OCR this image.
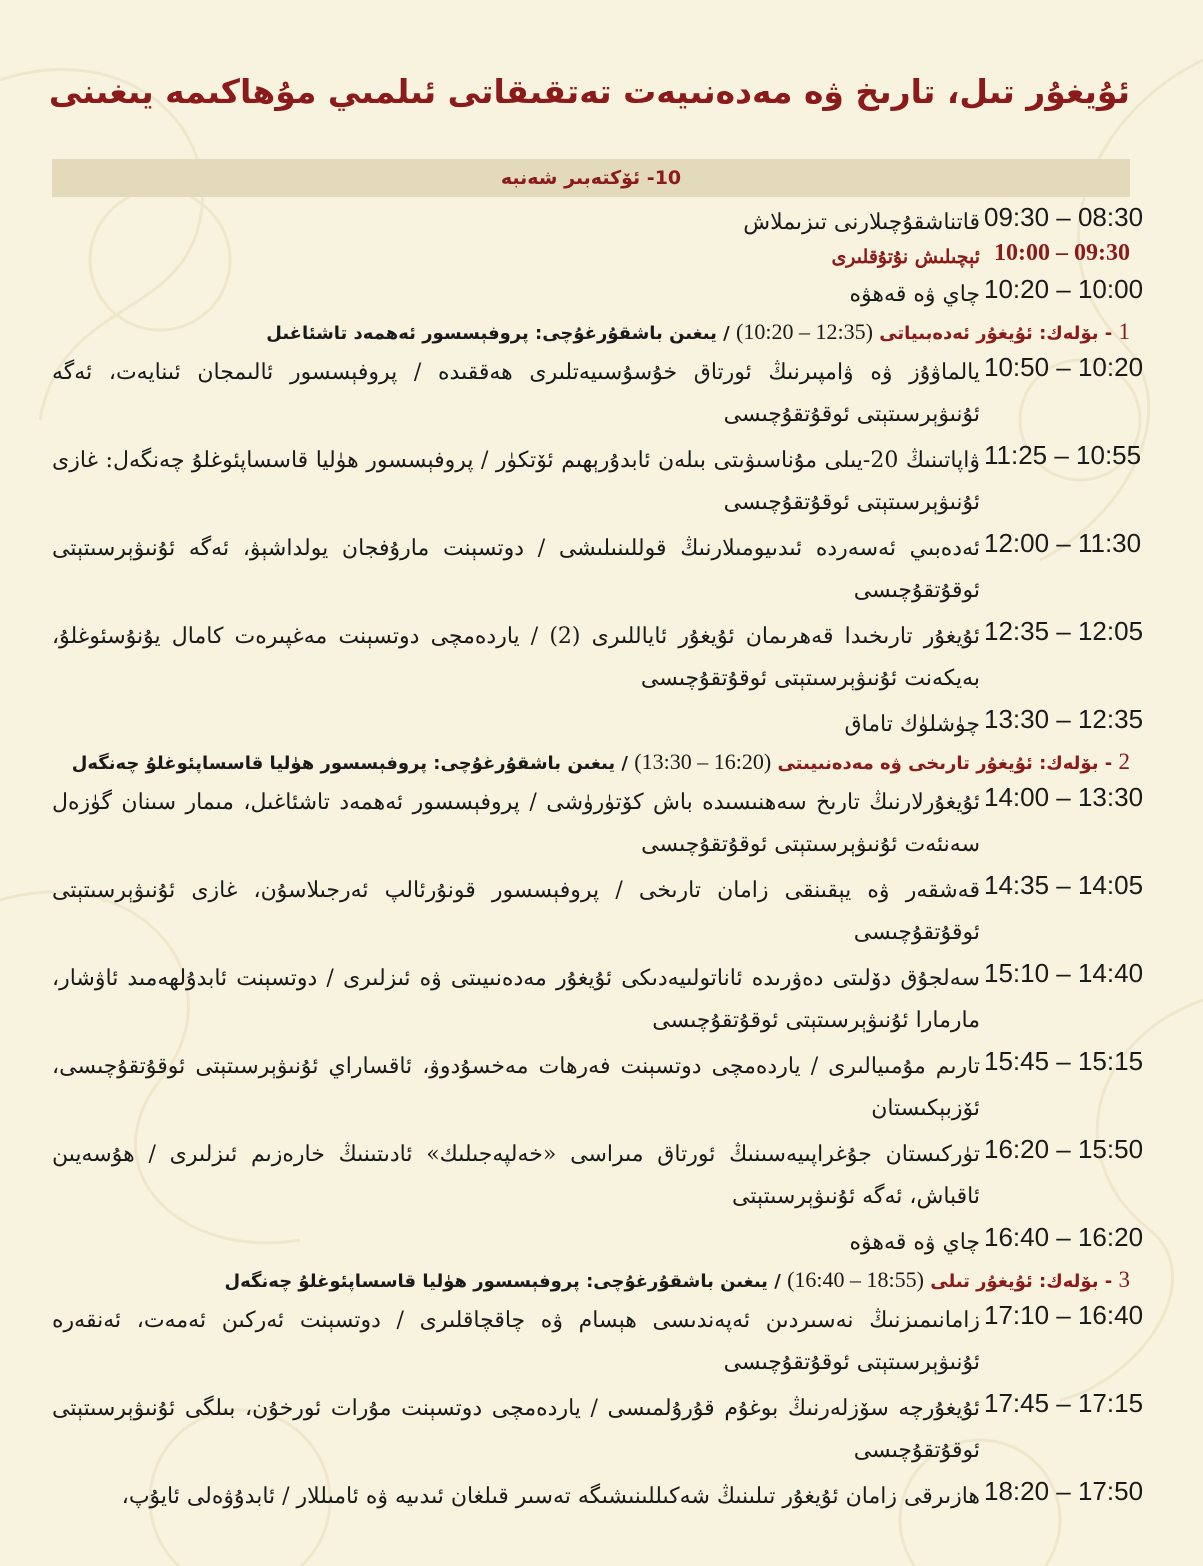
ئۇيغۇر تىل، تارىخ ۋە مەدەنىيەت تەتقىقاتى ئىلمىي مۇھاكىمە يىغىنى
10- ئۆكتەبىر شەنبە
09:30 – 08:30
قاتناشقۇچىلارنى تىزىملاش
10:00 – 09:30
ئېچىلىش نۇتۇقلىرى
10:20 – 10:00
چاي ۋە قەھۋە
1 - بۆلەك: ئۇيغۇر ئەدەبىياتى (12:35 – 10:20) / يىغىن باشقۇرغۇچى: پروفېسسور ئەھمەد تاشئاغىل
10:50 – 10:20
يالماۋۇز ۋە ۋامپىرنىڭ ئورتاق خۇسۇسىيەتلىرى ھەققىدە / پروفېسسور ئالىمجان ئىنايەت، ئەگە ئۇنىۋېرسىتېتى ئوقۇتقۇچىسى
11:25 – 10:55
ۋاپاتىنىڭ 20-يىلى مۇناسىۋىتى بىلەن ئابدۇرېھىم ئۆتكۈر / پروفېسسور ھۈليا قاسساپئوغلۇ چەنگەل: غازى ئۇنىۋېرسىتېتى ئوقۇتقۇچىسى
12:00 – 11:30
ئەدەبىي ئەسەردە ئىدىيومىلارنىڭ قوللىنىلىشى / دوتسېنت مارۇفجان يولداشېۋ، ئەگە ئۇنىۋېرسىتېتى ئوقۇتقۇچىسى
12:35 – 12:05
ئۇيغۇر تارىخىدا قەھرىمان ئۇيغۇر ئاياللىرى (2) / ياردەمچى دوتسېنت مەغپىرەت كامال يۇنۇسئوغلۇ، بەيكەنت ئۇنىۋېرسىتېتى ئوقۇتقۇچىسى
13:30 – 12:35
چۈشلۈك تاماق
2 - بۆلەك: ئۇيغۇر تارىخى ۋە مەدەنىيىتى (16:20 – 13:30) / يىغىن باشقۇرغۇچى: پروفېسسور ھۈليا قاسساپئوغلۇ چەنگەل
14:00 – 13:30
ئۇيغۇرلارنىڭ تارىخ سەھنىسىدە باش كۆتۈرۈشى / پروفېسسور ئەھمەد تاشئاغىل، مىمار سىنان گۈزەل سەنئەت ئۇنىۋېرسىتېتى ئوقۇتقۇچىسى
14:35 – 14:05
قەشقەر ۋە يېقىنقى زامان تارىخى / پروفېسسور قونۇرئالپ ئەرجىلاسۇن، غازى ئۇنىۋېرسىتېتى ئوقۇتقۇچىسى
15:10 – 14:40
سەلجۇق دۆلىتى دەۋرىدە ئاناتولىيەدىكى ئۇيغۇر مەدەنىيىتى ۋە ئىزلىرى / دوتسېنت ئابدۇلھەمىد ئاۋشار، مارمارا ئۇنىۋېرسىتېتى ئوقۇتقۇچىسى
15:45 – 15:15
تارىم مۇمىيالىرى / ياردەمچى دوتسېنت فەرھات مەخسۇدوۋ، ئاقساراي ئۇنىۋېرسىتېتى ئوقۇتقۇچىسى، ئۆزبېكىستان
16:20 – 15:50
تۈركىستان جۇغراپىيەسىنىڭ ئورتاق مىراسى «خەلپەجىلىك» ئادىتىنىڭ خارەزىم ئىزلىرى / ھۇسەيىن ئاقباش، ئەگە ئۇنىۋېرسىتېتى
16:40 – 16:20
چاي ۋە قەھۋە
3 - بۆلەك: ئۇيغۇر تىلى (18:55 – 16:40) / يىغىن باشقۇرغۇچى: پروفېسسور ھۈليا قاسساپئوغلۇ چەنگەل
17:10 – 16:40
زامانىمىزنىڭ نەسىردىن ئەپەندىسى ھېسام ۋە چاقچاقلىرى / دوتسېنت ئەركىن ئەمەت، ئەنقەرە ئۇنىۋېرسىتېتى ئوقۇتقۇچىسى
17:45 – 17:15
ئۇيغۇرچە سۆزلەرنىڭ بوغۇم قۇرۇلمىسى / ياردەمچى دوتسېنت مۇرات ئورخۇن، بىلگى ئۇنىۋېرسىتېتى ئوقۇتقۇچىسى
18:20 – 17:50
ھازىرقى زامان ئۇيغۇر تىلىنىڭ شەكىللىنىشىگە تەسىر قىلغان ئىدىيە ۋە ئامىللار / ئابدۇۋەلى ئايۇپ،
